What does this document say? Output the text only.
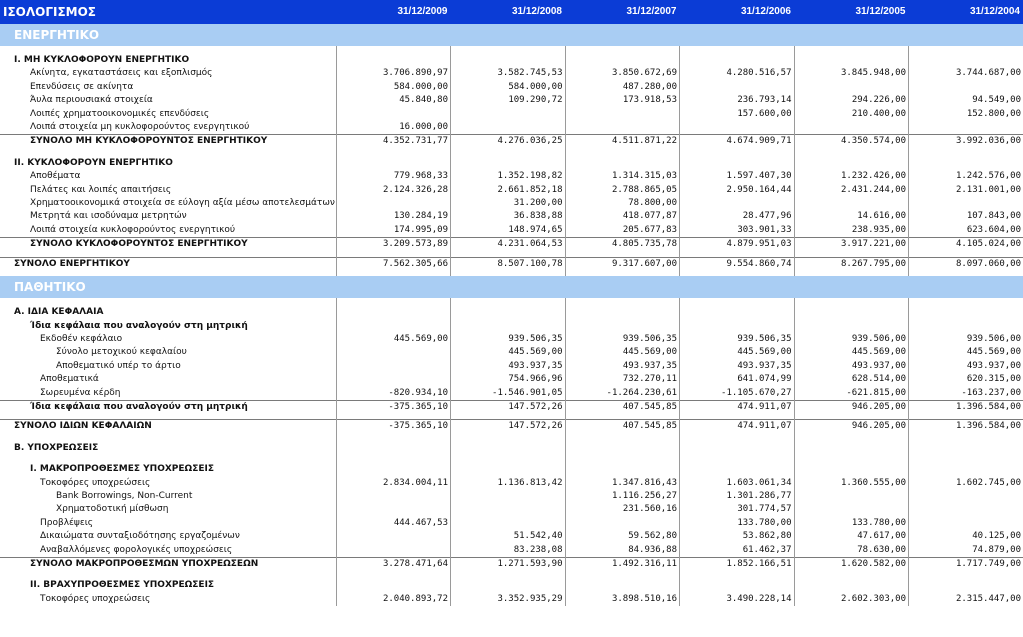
ΙΣΟΛΟΓΙΣΜΟΣ	31/12/2009	31/12/2008	31/12/2007	31/12/2006	31/12/2005	31/12/2004
ΕΝΕΡΓΗΤΙΚΟ						

I. ΜΗ ΚΥΚΛΟΦΟΡΟΥΝ ΕΝΕΡΓΗΤΙΚΟ						
Ακίνητα, εγκαταστάσεις και εξοπλισμός	3.706.890,97	3.582.745,53	3.850.672,69	4.280.516,57	3.845.948,00	3.744.687,00
Επενδύσεις σε ακίνητα	584.000,00	584.000,00	487.280,00			
Άυλα περιουσιακά στοιχεία	45.840,80	109.290,72	173.918,53	236.793,14	294.226,00	94.549,00
Λοιπές χρηματοοικονομικές επενδύσεις				157.600,00	210.400,00	152.800,00
Λοιπά στοιχεία μη κυκλοφορούντος ενεργητικού	16.000,00					
ΣΥΝΟΛΟ ΜΗ ΚΥΚΛΟΦΟΡΟΥΝΤΟΣ ΕΝΕΡΓΗΤΙΚΟΥ	4.352.731,77	4.276.036,25	4.511.871,22	4.674.909,71	4.350.574,00	3.992.036,00

II. ΚΥΚΛΟΦΟΡΟΥΝ ΕΝΕΡΓΗΤΙΚΟ						
Αποθέματα	779.968,33	1.352.198,82	1.314.315,03	1.597.407,30	1.232.426,00	1.242.576,00
Πελάτες και λοιπές απαιτήσεις	2.124.326,28	2.661.852,18	2.788.865,05	2.950.164,44	2.431.244,00	2.131.001,00
Χρηματοοικονομικά στοιχεία σε εύλογη αξία μέσω αποτελεσμάτων		31.200,00	78.800,00			
Μετρητά και ισοδύναμα μετρητών	130.284,19	36.838,88	418.077,87	28.477,96	14.616,00	107.843,00
Λοιπά στοιχεία κυκλοφορούντος ενεργητικού	174.995,09	148.974,65	205.677,83	303.901,33	238.935,00	623.604,00
ΣΥΝΟΛΟ ΚΥΚΛΟΦΟΡΟΥΝΤΟΣ ΕΝΕΡΓΗΤΙΚΟΥ	3.209.573,89	4.231.064,53	4.805.735,78	4.879.951,03	3.917.221,00	4.105.024,00

ΣΥΝΟΛΟ ΕΝΕΡΓΗΤΙΚΟΥ	7.562.305,66	8.507.100,78	9.317.607,00	9.554.860,74	8.267.795,00	8.097.060,00

ΠΑΘΗΤΙΚΟ						

A. ΙΔΙΑ ΚΕΦΑΛΑΙΑ						
Ίδια κεφάλαια που αναλογούν στη μητρική						
Εκδοθέν κεφάλαιο	445.569,00	939.506,35	939.506,35	939.506,35	939.506,00	939.506,00
Σύνολο μετοχικού κεφαλαίου		445.569,00	445.569,00	445.569,00	445.569,00	445.569,00
Αποθεματικό υπέρ το άρτιο		493.937,35	493.937,35	493.937,35	493.937,00	493.937,00
Αποθεματικά		754.966,96	732.270,11	641.074,99	628.514,00	620.315,00
Σωρευμένα κέρδη	-820.934,10	-1.546.901,05	-1.264.230,61	-1.105.670,27	-621.815,00	-163.237,00
Ίδια κεφάλαια που αναλογούν στη μητρική	-375.365,10	147.572,26	407.545,85	474.911,07	946.205,00	1.396.584,00

ΣΥΝΟΛΟ ΙΔΙΩΝ ΚΕΦΑΛΑΙΩΝ	-375.365,10	147.572,26	407.545,85	474.911,07	946.205,00	1.396.584,00

B. ΥΠΟΧΡΕΩΣΕΙΣ						

I. ΜΑΚΡΟΠΡΟΘΕΣΜΕΣ ΥΠΟΧΡΕΩΣΕΙΣ						
Τοκοφόρες υποχρεώσεις	2.834.004,11	1.136.813,42	1.347.816,43	1.603.061,34	1.360.555,00	1.602.745,00
Bank Borrowings, Non-Current			1.116.256,27	1.301.286,77		
Χρηματοδοτική μίσθωση			231.560,16	301.774,57		
Προβλέψεις	444.467,53			133.780,00	133.780,00	
Δικαιώματα συνταξιοδότησης εργαζομένων		51.542,40	59.562,80	53.862,80	47.617,00	40.125,00
Αναβαλλόμενες φορολογικές υποχρεώσεις		83.238,08	84.936,88	61.462,37	78.630,00	74.879,00
ΣΥΝΟΛΟ ΜΑΚΡΟΠΡΟΘΕΣΜΩΝ ΥΠΟΧΡΕΩΣΕΩΝ	3.278.471,64	1.271.593,90	1.492.316,11	1.852.166,51	1.620.582,00	1.717.749,00

II. ΒΡΑΧΥΠΡΟΘΕΣΜΕΣ ΥΠΟΧΡΕΩΣΕΙΣ						
Τοκοφόρες υποχρεώσεις	2.040.893,72	3.352.935,29	3.898.510,16	3.490.228,14	2.602.303,00	2.315.447,00
